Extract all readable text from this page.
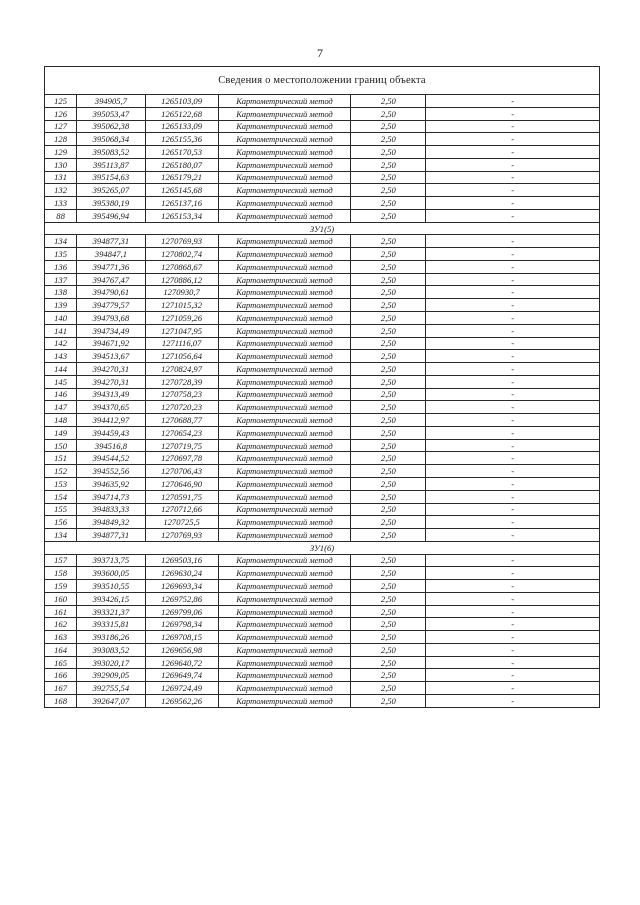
7
Сведения о местоположении границ объекта					
125	394905,7	1265103,09	Картометрический метод	2,50	-
126	395053,47	1265122,68	Картометрический метод	2,50	-
127	395062,38	1265133,09	Картометрический метод	2,50	-
128	395068,34	1265155,36	Картометрический метод	2,50	-
129	395083,52	1265170,53	Картометрический метод	2,50	-
130	395113,87	1265180,07	Картометрический метод	2,50	-
131	395154,63	1265179,21	Картометрический метод	2,50	-
132	395265,07	1265145,68	Картометрический метод	2,50	-
133	395380,19	1265137,16	Картометрический метод	2,50	-
88	395496,94	1265153,34	Картометрический метод	2,50	-
ЗУ1(5)					
134	394877,31	1270769,93	Картометрический метод	2,50	-
135	394847,1	1270802,74	Картометрический метод	2,50	-
136	394771,36	1270868,67	Картометрический метод	2,50	-
137	394767,47	1270886,12	Картометрический метод	2,50	-
138	394790,61	1270930,7	Картометрический метод	2,50	-
139	394779,57	1271015,32	Картометрический метод	2,50	-
140	394793,68	1271059,26	Картометрический метод	2,50	-
141	394734,49	1271047,95	Картометрический метод	2,50	-
142	394671,92	1271116,07	Картометрический метод	2,50	-
143	394513,67	1271056,64	Картометрический метод	2,50	-
144	394270,31	1270824,97	Картометрический метод	2,50	-
145	394270,31	1270728,39	Картометрический метод	2,50	-
146	394313,49	1270758,23	Картометрический метод	2,50	-
147	394370,65	1270720,23	Картометрический метод	2,50	-
148	394412,97	1270688,77	Картометрический метод	2,50	-
149	394459,43	1270654,23	Картометрический метод	2,50	-
150	394516,8	1270719,75	Картометрический метод	2,50	-
151	394544,52	1270697,78	Картометрический метод	2,50	-
152	394552,56	1270706,43	Картометрический метод	2,50	-
153	394635,92	1270646,90	Картометрический метод	2,50	-
154	394714,73	1270591,75	Картометрический метод	2,50	-
155	394833,33	1270712,66	Картометрический метод	2,50	-
156	394849,32	1270725,5	Картометрический метод	2,50	-
134	394877,31	1270769,93	Картометрический метод	2,50	-
ЗУ1(6)					
157	393713,75	1269503,16	Картометрический метод	2,50	-
158	393600,05	1269630,24	Картометрический метод	2,50	-
159	393510,55	1269693,34	Картометрический метод	2,50	-
160	393426,15	1269752,86	Картометрический метод	2,50	-
161	393321,37	1269799,06	Картометрический метод	2,50	-
162	393315,81	1269798,34	Картометрический метод	2,50	-
163	393186,26	1269708,15	Картометрический метод	2,50	-
164	393083,52	1269656,98	Картометрический метод	2,50	-
165	393020,17	1269640,72	Картометрический метод	2,50	-
166	392909,05	1269649,74	Картометрический метод	2,50	-
167	392755,54	1269724,49	Картометрический метод	2,50	-
168	392647,07	1269562,26	Картометрический метод	2,50	-
